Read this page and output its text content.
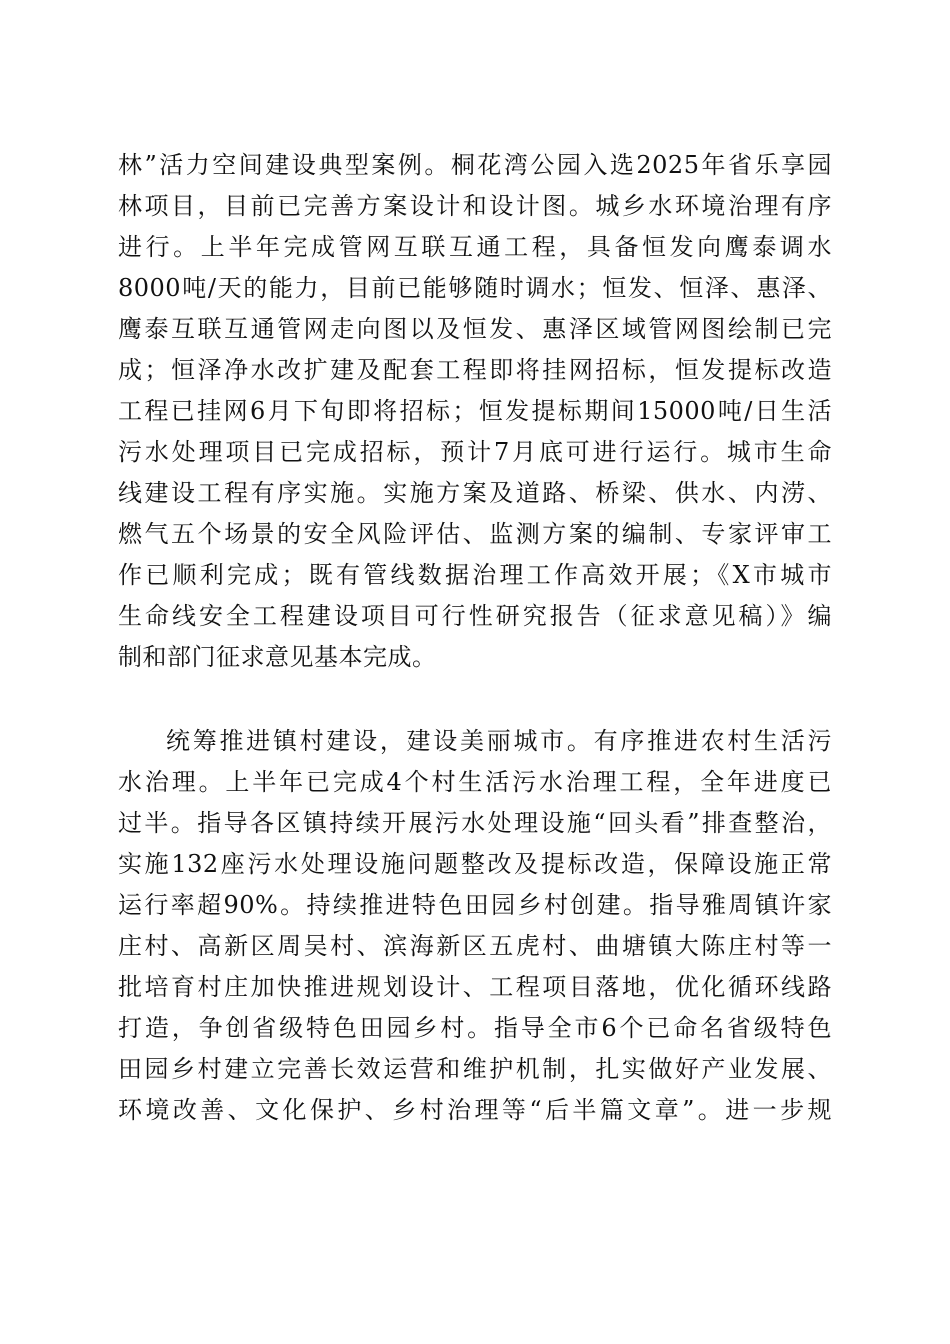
林”活力空间建设典型案例。桐花湾公园入选2025年省乐享园
林项目，目前已完善方案设计和设计图。城乡水环境治理有序
进行。上半年完成管网互联互通工程，具备恒发向鹰泰调水
8000吨/天的能力，目前已能够随时调水；恒发、恒泽、惠泽、
鹰泰互联互通管网走向图以及恒发、惠泽区域管网图绘制已完
成；恒泽净水改扩建及配套工程即将挂网招标，恒发提标改造
工程已挂网6月下旬即将招标；恒发提标期间15000吨/日生活
污水处理项目已完成招标，预计7月底可进行运行。城市生命
线建设工程有序实施。实施方案及道路、桥梁、供水、内涝、
燃气五个场景的安全风险评估、监测方案的编制、专家评审工
作已顺利完成；既有管线数据治理工作高效开展；《X市城市
生命线安全工程建设项目可行性研究报告（征求意见稿）》编
制和部门征求意见基本完成。
统筹推进镇村建设，建设美丽城市。有序推进农村生活污
水治理。上半年已完成4个村生活污水治理工程，全年进度已
过半。指导各区镇持续开展污水处理设施“回头看”排查整治，
实施132座污水处理设施问题整改及提标改造，保障设施正常
运行率超90%。持续推进特色田园乡村创建。指导雅周镇许家
庄村、高新区周吴村、滨海新区五虎村、曲塘镇大陈庄村等一
批培育村庄加快推进规划设计、工程项目落地，优化循环线路
打造，争创省级特色田园乡村。指导全市6个已命名省级特色
田园乡村建立完善长效运营和维护机制，扎实做好产业发展、
环境改善、文化保护、乡村治理等“后半篇文章”。进一步规
